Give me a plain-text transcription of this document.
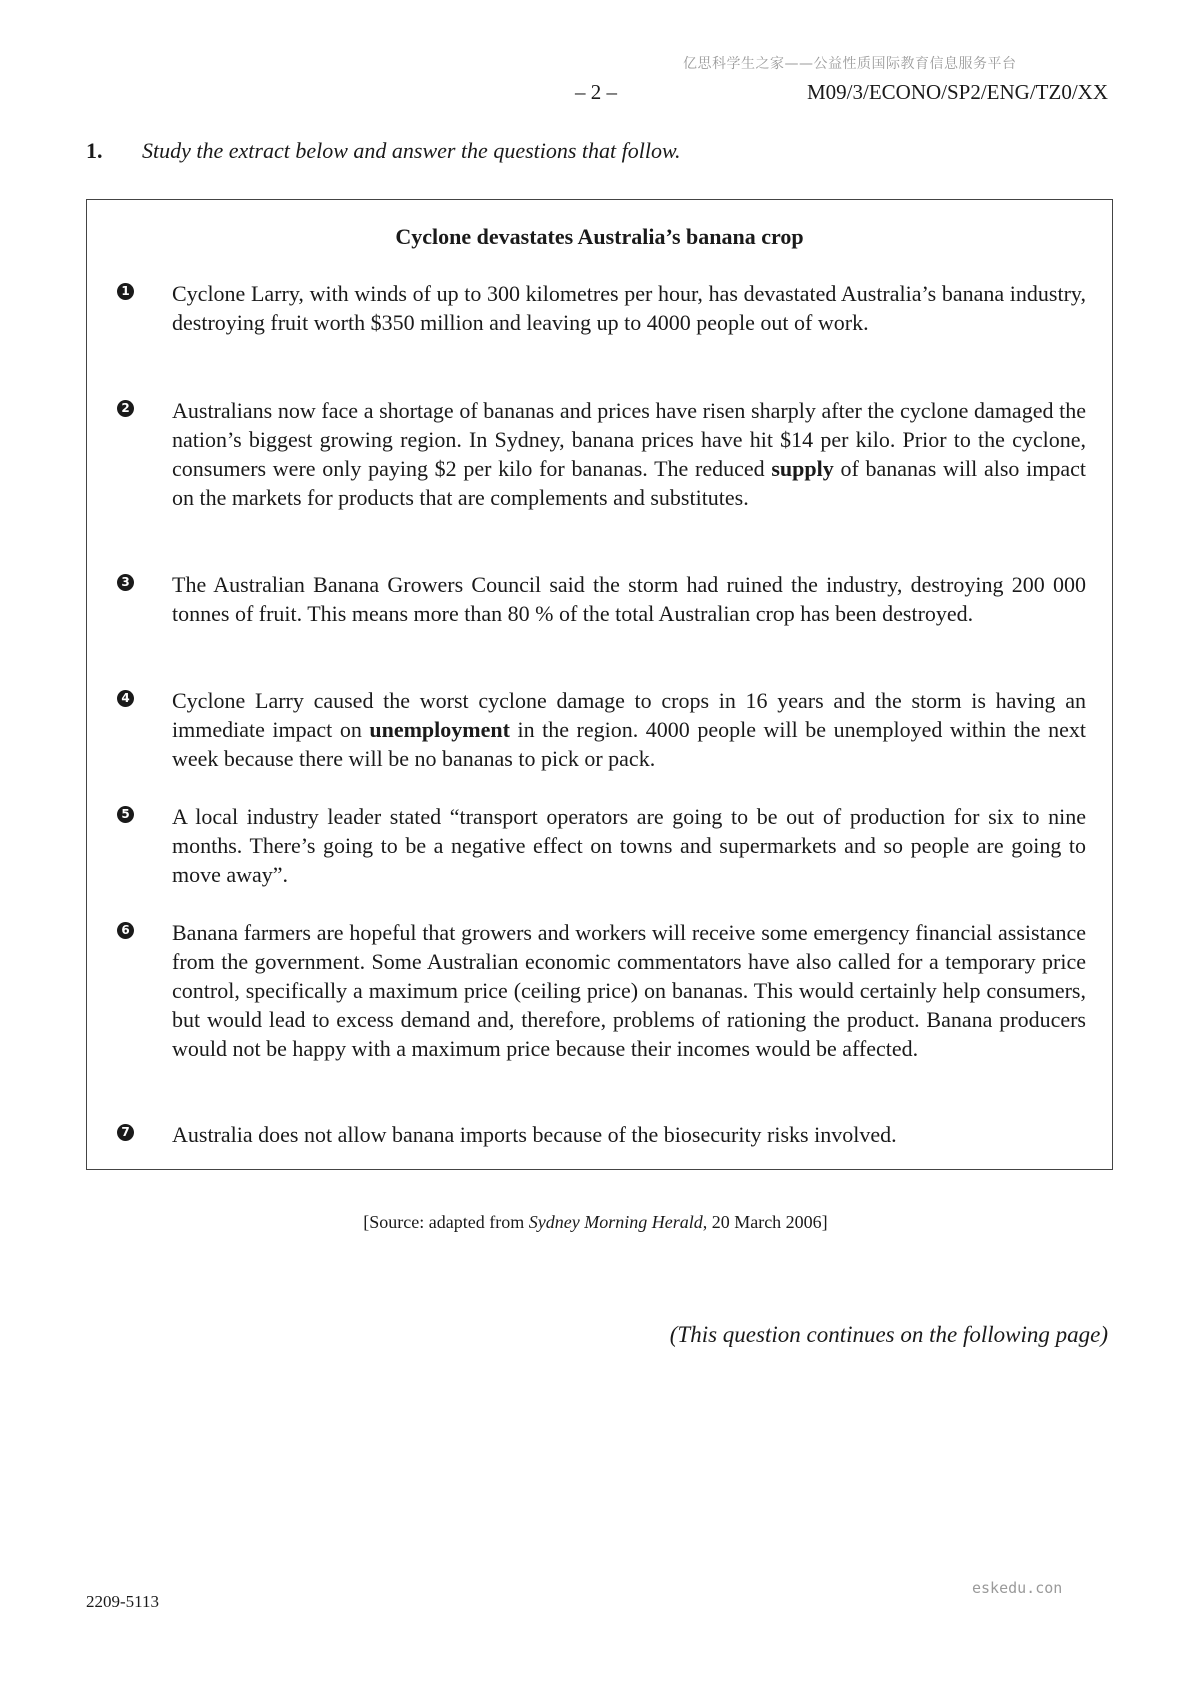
亿思科学生之家——公益性质国际教育信息服务平台
– 2 –	M09/3/ECONO/SP2/ENG/TZ0/XX
1. Study the extract below and answer the questions that follow.
Cyclone devastates Australia’s banana crop
1 Cyclone Larry, with winds of up to 300 kilometres per hour, has devastated Australia’s banana industry, destroying fruit worth $350 million and leaving up to 4000 people out of work.

2 Australians now face a shortage of bananas and prices have risen sharply after the cyclone damaged the nation’s biggest growing region. In Sydney, banana prices have hit $14 per kilo. Prior to the cyclone, consumers were only paying $2 per kilo for bananas. The reduced supply of bananas will also impact on the markets for products that are complements and substitutes.

3 The Australian Banana Growers Council said the storm had ruined the industry, destroying 200 000 tonnes of fruit. This means more than 80 % of the total Australian crop has been destroyed.

4 Cyclone Larry caused the worst cyclone damage to crops in 16 years and the storm is having an immediate impact on unemployment in the region. 4000 people will be unemployed within the next week because there will be no bananas to pick or pack.

5 A local industry leader stated “transport operators are going to be out of production for six to nine months. There’s going to be a negative effect on towns and supermarkets and so people are going to move away”.

6 Banana farmers are hopeful that growers and workers will receive some emergency financial assistance from the government. Some Australian economic commentators have also called for a temporary price control, specifically a maximum price (ceiling price) on bananas. This would certainly help consumers, but would lead to excess demand and, therefore, problems of rationing the product. Banana producers would not be happy with a maximum price because their incomes would be affected.

7 Australia does not allow banana imports because of the biosecurity risks involved.

[Source: adapted from Sydney Morning Herald, 20 March 2006]
(This question continues on the following page)
eskedu.con
2209-5113
